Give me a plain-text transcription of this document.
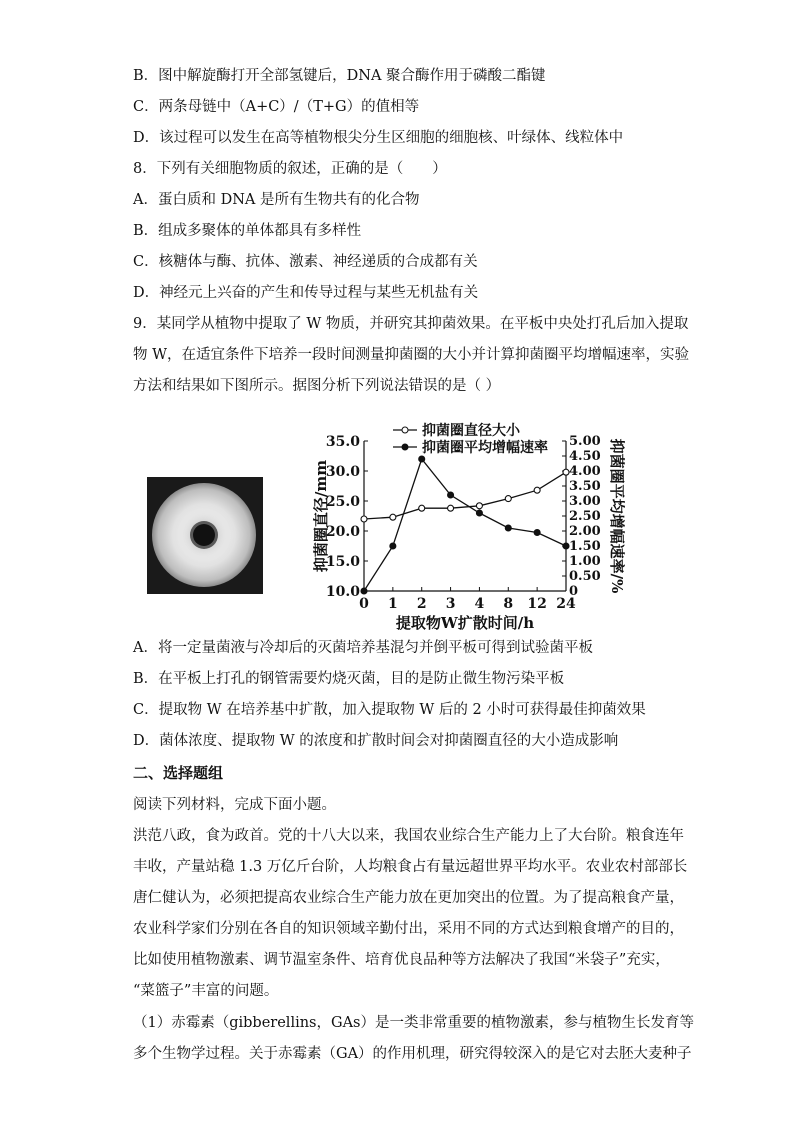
B．图中解旋酶打开全部氢键后，DNA 聚合酶作用于磷酸二酯键
C．两条母链中（A+C）/（T+G）的值相等
D．该过程可以发生在高等植物根尖分生区细胞的细胞核、叶绿体、线粒体中
8．下列有关细胞物质的叙述，正确的是（　　）
A．蛋白质和 DNA 是所有生物共有的化合物
B．组成多聚体的单体都具有多样性
C．核糖体与酶、抗体、激素、神经递质的合成都有关
D．神经元上兴奋的产生和传导过程与某些无机盐有关
9．某同学从植物中提取了 W 物质，并研究其抑菌效果。在平板中央处打孔后加入提取
物 W，在适宜条件下培养一段时间测量抑菌圈的大小并计算抑菌圈平均增幅速率，实验
方法和结果如下图所示。据图分析下列说法错误的是（ ）
10.0
15.0
20.0
25.0
30.0
35.0
0
0.50
1.00
1.50
2.00
2.50
3.00
3.50
4.00
4.50
5.00
0 1 2 3 4 8 12 24
抑菌圈直径/mm	抑菌圈平均增幅速率/%
提取物W扩散时间/h
抑菌圈直径大小
抑菌圈平均增幅速率
A．将一定量菌液与冷却后的灭菌培养基混匀并倒平板可得到试验菌平板
B．在平板上打孔的钢管需要灼烧灭菌，目的是防止微生物污染平板
C．提取物 W 在培养基中扩散，加入提取物 W 后的 2 小时可获得最佳抑菌效果
D．菌体浓度、提取物 W 的浓度和扩散时间会对抑菌圈直径的大小造成影响
二、选择题组
阅读下列材料，完成下面小题。
洪范八政，食为政首。党的十八大以来，我国农业综合生产能力上了大台阶。粮食连年
丰收，产量站稳 1.3 万亿斤台阶，人均粮食占有量远超世界平均水平。农业农村部部长
唐仁健认为，必须把提高农业综合生产能力放在更加突出的位置。为了提高粮食产量，
农业科学家们分别在各自的知识领域辛勤付出，采用不同的方式达到粮食增产的目的，
比如使用植物激素、调节温室条件、培育优良品种等方法解决了我国“米袋子”充实，
“菜篮子”丰富的问题。
（1）赤霉素（gibberellins，GAs）是一类非常重要的植物激素，参与植物生长发育等
多个生物学过程。关于赤霉素（GA）的作用机理，研究得较深入的是它对去胚大麦种子
